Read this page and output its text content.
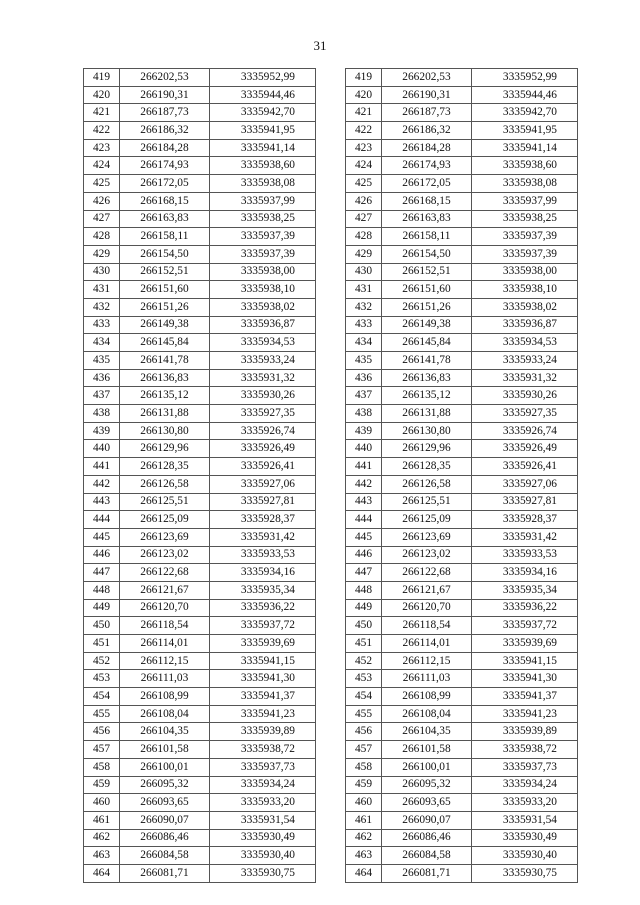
31
419	266202,53	3335952,99
420	266190,31	3335944,46
421	266187,73	3335942,70
422	266186,32	3335941,95
423	266184,28	3335941,14
424	266174,93	3335938,60
425	266172,05	3335938,08
426	266168,15	3335937,99
427	266163,83	3335938,25
428	266158,11	3335937,39
429	266154,50	3335937,39
430	266152,51	3335938,00
431	266151,60	3335938,10
432	266151,26	3335938,02
433	266149,38	3335936,87
434	266145,84	3335934,53
435	266141,78	3335933,24
436	266136,83	3335931,32
437	266135,12	3335930,26
438	266131,88	3335927,35
439	266130,80	3335926,74
440	266129,96	3335926,49
441	266128,35	3335926,41
442	266126,58	3335927,06
443	266125,51	3335927,81
444	266125,09	3335928,37
445	266123,69	3335931,42
446	266123,02	3335933,53
447	266122,68	3335934,16
448	266121,67	3335935,34
449	266120,70	3335936,22
450	266118,54	3335937,72
451	266114,01	3335939,69
452	266112,15	3335941,15
453	266111,03	3335941,30
454	266108,99	3335941,37
455	266108,04	3335941,23
456	266104,35	3335939,89
457	266101,58	3335938,72
458	266100,01	3335937,73
459	266095,32	3335934,24
460	266093,65	3335933,20
461	266090,07	3335931,54
462	266086,46	3335930,49
463	266084,58	3335930,40
464	266081,71	3335930,75
419	266202,53	3335952,99
420	266190,31	3335944,46
421	266187,73	3335942,70
422	266186,32	3335941,95
423	266184,28	3335941,14
424	266174,93	3335938,60
425	266172,05	3335938,08
426	266168,15	3335937,99
427	266163,83	3335938,25
428	266158,11	3335937,39
429	266154,50	3335937,39
430	266152,51	3335938,00
431	266151,60	3335938,10
432	266151,26	3335938,02
433	266149,38	3335936,87
434	266145,84	3335934,53
435	266141,78	3335933,24
436	266136,83	3335931,32
437	266135,12	3335930,26
438	266131,88	3335927,35
439	266130,80	3335926,74
440	266129,96	3335926,49
441	266128,35	3335926,41
442	266126,58	3335927,06
443	266125,51	3335927,81
444	266125,09	3335928,37
445	266123,69	3335931,42
446	266123,02	3335933,53
447	266122,68	3335934,16
448	266121,67	3335935,34
449	266120,70	3335936,22
450	266118,54	3335937,72
451	266114,01	3335939,69
452	266112,15	3335941,15
453	266111,03	3335941,30
454	266108,99	3335941,37
455	266108,04	3335941,23
456	266104,35	3335939,89
457	266101,58	3335938,72
458	266100,01	3335937,73
459	266095,32	3335934,24
460	266093,65	3335933,20
461	266090,07	3335931,54
462	266086,46	3335930,49
463	266084,58	3335930,40
464	266081,71	3335930,75
